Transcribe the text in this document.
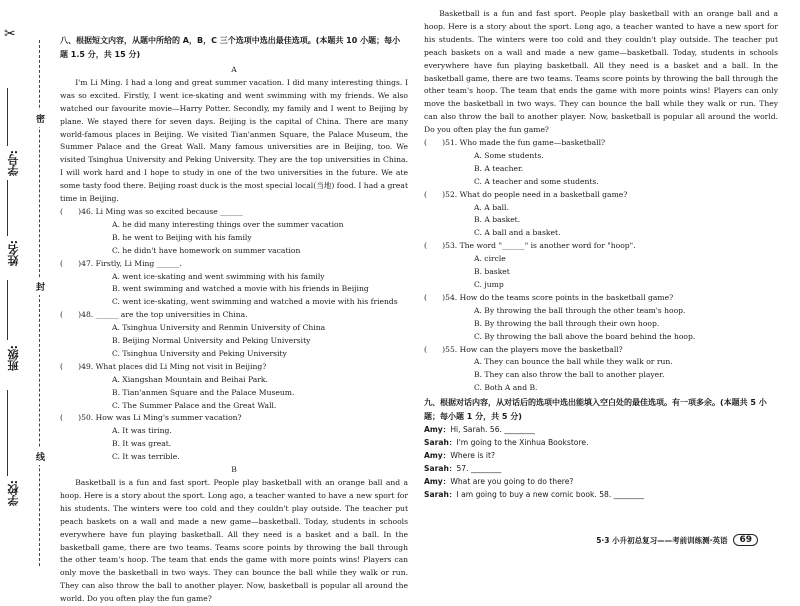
✂
学号:
姓名:
班级:
学校:
密
封
线
八、根据短文内容，从题中所给的 A，B，C 三个选项中选出最佳选项。(本题共 10 小题；每小题 1.5 分，共 15 分)
A

I'm Li Ming. I had a long and great summer vacation. I did many interesting things. I was so excited. Firstly, I went ice-skating and went swimming with my friends. We also watched our favourite movie—Harry Potter. Secondly, my family and I went to Beijing by plane. We stayed there for seven days. Beijing is the capital of China. There are many world-famous places in Beijing. We visited Tian'anmen Square, the Palace Museum, the Summer Palace and the Great Wall. Many famous universities are in Beijing, too. We visited Tsinghua University and Peking University. They are the top universities in China. I will work hard and I hope to study in one of the two universities in the future. We ate some tasty food there. Beijing roast duck is the most special local(当地) food. I had a great time in Beijing.

(　　)46. Li Ming was so excited because ______
A. he did many interesting things over the summer vacation
B. he went to Beijing with his family
C. he didn't have homework on summer vacation
(　　)47. Firstly, Li Ming ______.
A. went ice-skating and went swimming with his family
B. went swimming and watched a movie with his friends in Beijing
C. went ice-skating, went swimming and watched a movie with his friends
(　　)48. ______ are the top universities in China.
A. Tsinghua University and Renmin University of China
B. Beijing Normal University and Peking University
C. Tsinghua University and Peking University
(　　)49. What places did Li Ming not visit in Beijing?
A. Xiangshan Mountain and Beihai Park.
B. Tian'anmen Square and the Palace Museum.
C. The Summer Palace and the Great Wall.
(　　)50. How was Li Ming's summer vacation?
A. It was tiring.
B. It was great.
C. It was terrible.
B

Basketball is a fun and fast sport. People play basketball with an orange ball and a hoop. Here is a story about the sport. Long ago, a teacher wanted to have a new sport for his students. The winters were too cold and they couldn't play outside. The teacher put peach baskets on a wall and made a new game—basketball. Today, students in schools everywhere have fun playing basketball. All they need is a basket and a ball. In the basketball game, there are two teams. Teams score points by throwing the ball through the other team's hoop. The team that ends the game with more points wins! Players can only move the basketball in two ways. They can bounce the ball while they walk or run. They can also throw the ball to another player. Now, basketball is popular all around the world. Do you often play the fun game?

Basketball is a fun and fast sport. People play basketball with an orange ball and a hoop. Here is a story about the sport. Long ago, a teacher wanted to have a new sport for his students. The winters were too cold and they couldn't play outside. The teacher put peach baskets on a wall and made a new game—basketball. Today, students in schools everywhere have fun playing basketball. All they need is a basket and a ball. In the basketball game, there are two teams. Teams score points by throwing the ball through the other team's hoop. The team that ends the game with more points wins! Players can only move the basketball in two ways. They can bounce the ball while they walk or run. They can also throw the ball to another player. Now, basketball is popular all around the world. Do you often play the fun game?

(　　)51. Who made the fun game—basketball?
A. Some students.
B. A teacher.
C. A teacher and some students.
(　　)52. What do people need in a basketball game?
A. A ball.
B. A basket.
C. A ball and a basket.
(　　)53. The word "______" is another word for "hoop".
A. circle
B. basket
C. jump
(　　)54. How do the teams score points in the basketball game?
A. By throwing the ball through the other team's hoop.
B. By throwing the ball through their own hoop.
C. By throwing the ball above the board behind the hoop.
(　　)55. How can the players move the basketball?
A. They can bounce the ball while they walk or run.
B. They can also throw the ball to another player.
C. Both A and B.
九、根据对话内容，从对话后的选项中选出能填入空白处的最佳选项。有一项多余。(本题共 5 小题；每小题 1 分，共 5 分)
Amy：Hi, Sarah. 56. ________
Sarah：I'm going to the Xinhua Bookstore.
Amy：Where is it?
Sarah：57. ________
Amy：What are you going to do there?
Sarah：I am going to buy a new comic book. 58. ________
5·3 小升初总复习——考前训练测·英语	69
